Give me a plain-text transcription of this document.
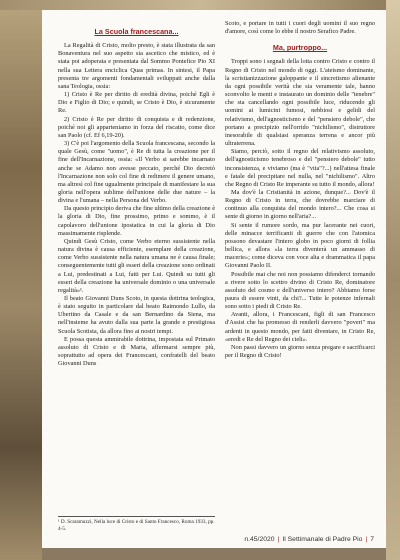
La Scuola francescana...

La Regalità di Cristo, molto presto, è stata illustrata da san Bonaventura nel suo aspetto sia ascetico che mistico, ed è stata poi adoperata e presentata dal Sommo Pontefice Pio XI nella sua Lettera enciclica Quas primas. In sintesi, il Papa presenta tre argomenti fondamentali sviluppati anche dalla sana Teologia, ossia:

1) Cristo è Re per diritto di eredità divina, poiché Egli è Dio e Figlio di Dio; e quindi, se Cristo è Dio, è sicuramente Re.

2) Cristo è Re per diritto di conquista e di redenzione, poiché noi gli apparteniamo in forza del riscatto, come dice san Paolo (cf. Ef 6,19-20).

3) C'è poi l'argomento della Scuola francescana, secondo la quale Gesù, come "uomo", è Re di tutta la creazione per il fine dell'Incarnazione, ossia: «Il Verbo si sarebbe incarnato anche se Adamo non avesse peccato, perché Dio decretò l'Incarnazione non solo col fine di redimere il genere umano, ma altresì col fine ugualmente principale di manifestare la sua gloria nell'opera sublime dell'unione delle due nature – la divina e l'umana – nella Persona del Verbo.

Da questo principio deriva che fine ultimo della creazione è la gloria di Dio, fine prossimo, primo e sommo, è il capolavoro dell'unione ipostatica in cui la gloria di Dio massimamente risplende.

Quindi Gesù Cristo, come Verbo eterno sussistente nella natura divina è causa efficiente, esemplare della creazione, come Verbo sussistente nella natura umana ne è causa finale; conseguentemente tutti gli esseri della creazione sono ordinati a Lui, predestinati a Lui, fatti per Lui. Quindi su tutti gli esseri della creazione ha universale dominio o una universale regalità»¹.

Il beato Giovanni Duns Scoto, in questa dottrina teologica, è stato seguito in particolare dal beato Raimondo Lullo, da Ubertino da Casale e da san Bernardino da Siena, ma nell'insieme ha avuto dalla sua parte la grande e prestigiosa Scuola Scotista, da allora fino ai nostri tempi.

E possa questa ammirabile dottrina, impostata sul Primato assoluto di Cristo e di Maria, affermarsi sempre più, soprattutto ad opera dei Francescani, confratelli del beato Giovanni Duns

Scoto, e portare in tutti i cuori degli uomini il suo regno d'amore, così come lo ebbe il nostro Serafico Padre.

Ma, purtroppo...

Troppi sono i segnali della lotta contro Cristo e contro il Regno di Cristo nel mondo di oggi. L'ateismo dominante, la scristianizzazione galoppante e il sincretismo alienante da ogni possibile verità che sia veramente tale, hanno sconvolto le menti e instaurato un dominio delle "tenebre" che sta cancellando ogni possibile luce, riducendo gli uomini ai lumicini fumosi, nebbiosi e gelidi del relativismo, dell'agnosticismo e del "pensiero debole", che portano a precipizio nell'orrido "nichilismo", distruttore inesorabile di qualsiasi speranza terrena e ancor più ultraterrena.

Siamo, perciò, sotto il regno del relativismo assoluto, dell'agnosticismo tenebroso e del "pensiero debole" tutto inconsistenza, e viviamo (ma è "vita"?...) nell'attesa finale e fatale del precipitare nel nulla, nel "nichilismo". Altro che Regno di Cristo Re imperante su tutto il mondo, allora!

Ma dov'è la Cristianità in azione, dunque?... Dov'è il Regno di Cristo in terra, che dovrebbe marciare di continuo alla conquista del mondo intero?... Che cosa si sente di giorno in giorno nell'aria?...

Si sente il rumore sordo, ma pur lacerante nei cuori, delle minacce terrificanti di guerre che con l'atomica possono devastare l'intero globo in poco giorni di follia bellica, e allora «la terra diventerà un ammasso di macerie»; come diceva con voce alta e drammatica il papa Giovanni Paolo II.

Possibile mai che noi non possiamo difenderci tornando a rivere sotto lo scettro divino di Cristo Re, dominatore assoluto del cosmo e dell'universo intero? Abbiamo forse paura di essere vinti, da chi?... Tutte le potenze infernali sono sotto i piedi di Cristo Re.

Avanti, allora, i Francescani, figli di san Francesco d'Assisi che ha promesso di renderli davvero "poveri" ma ardenti in questo mondo, per fatti diventare, in Cristo Re, «eredi e Re del Regno dei cieli».

Non passi davvero un giorno senza pregare e sacrificarci per il Regno di Cristo!

¹ D. Scaramuzzi, Nella luce di Cristo e di Santo Francesco, Roma 1933, pp. 4-5.
n.45/2020 | Il Settimanale di Padre Pio | 7
